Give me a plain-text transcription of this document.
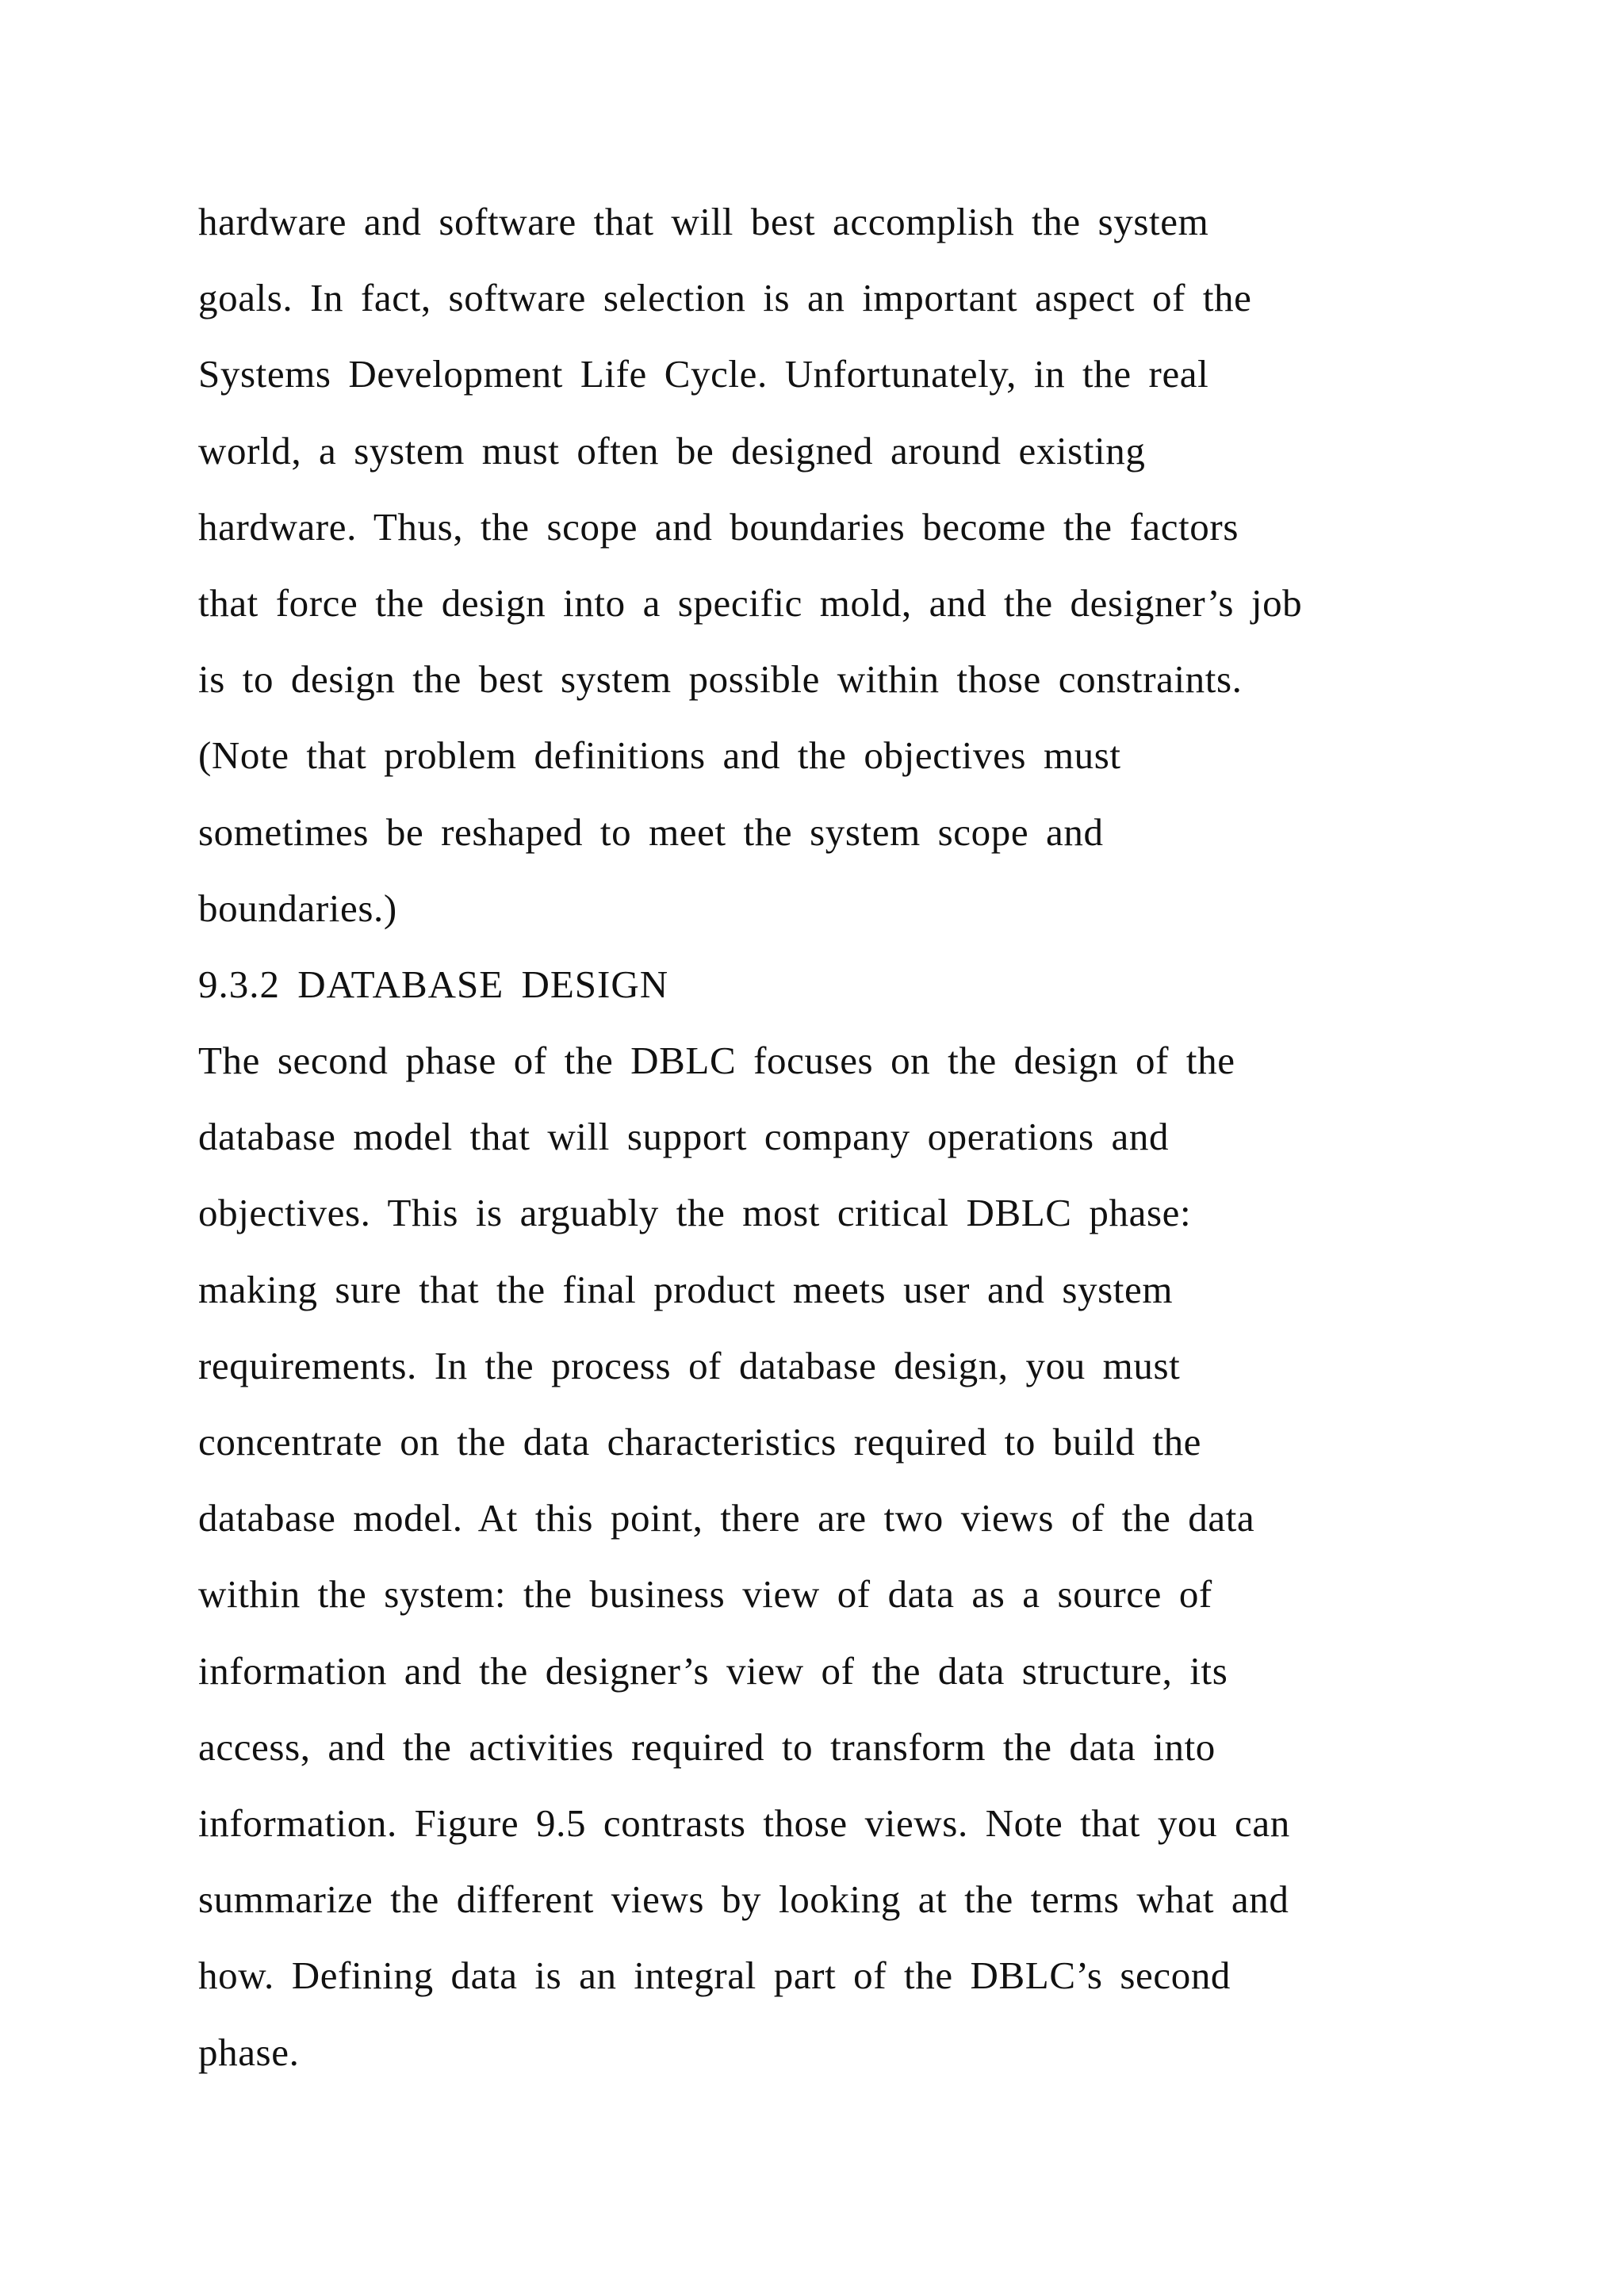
hardware and software that will best accomplish the system
goals. In fact, software selection is an important aspect of the
Systems Development Life Cycle. Unfortunately, in the real
world, a system must often be designed around existing
hardware. Thus, the scope and boundaries become the factors
that force the design into a specific mold, and the designer’s job
is to design the best system possible within those constraints.
(Note that problem definitions and the objectives must
sometimes be reshaped to meet the system scope and
boundaries.)
9.3.2 DATABASE DESIGN
The second phase of the DBLC focuses on the design of the
database model that will support company operations and
objectives. This is arguably the most critical DBLC phase:
making sure that the final product meets user and system
requirements. In the process of database design, you must
concentrate on the data characteristics required to build the
database model. At this point, there are two views of the data
within the system: the business view of data as a source of
information and the designer’s view of the data structure, its
access, and the activities required to transform the data into
information. Figure 9.5 contrasts those views. Note that you can
summarize the different views by looking at the terms what and
how. Defining data is an integral part of the DBLC’s second
phase.
